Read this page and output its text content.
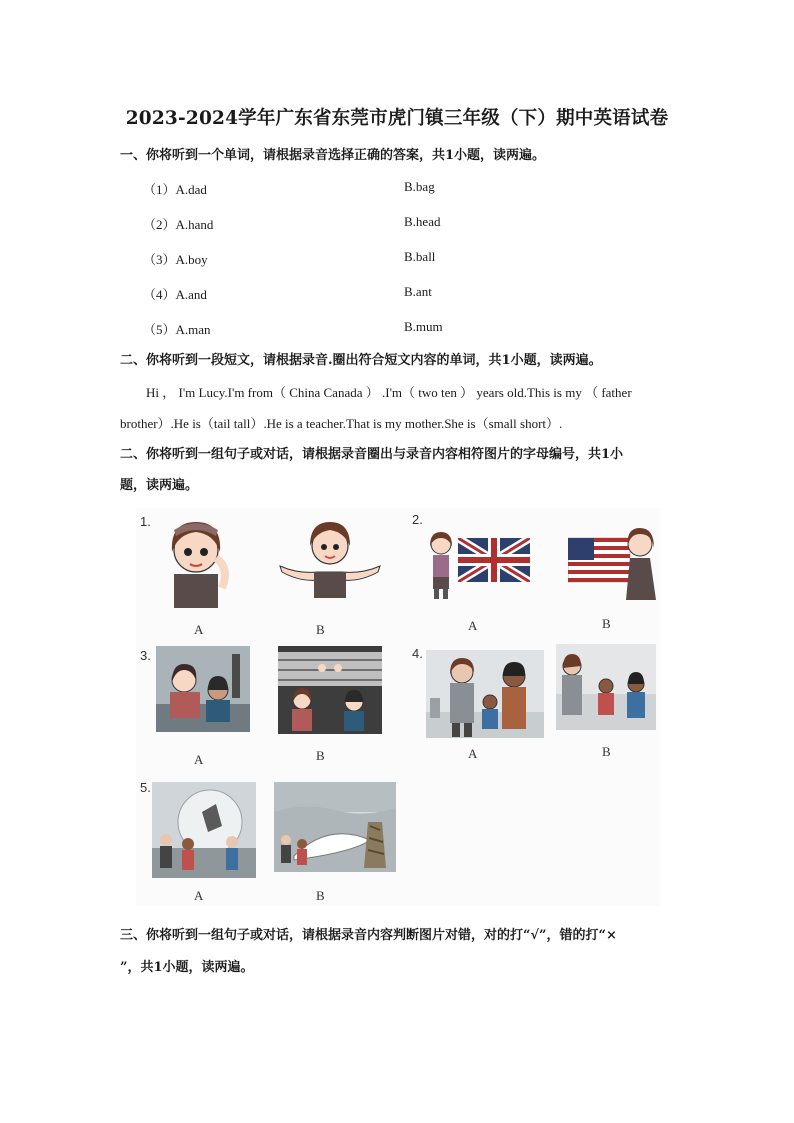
2023-2024学年广东省东莞市虎门镇三年级（下）期中英语试卷
一、你将听到一个单词，请根据录音选择正确的答案，共1小题，读两遍。
（1）A.dad	B.bag
（2）A.hand	B.head
（3）A.boy	B.ball
（4）A.and	B.ant
（5）A.man	B.mum
二、你将听到一段短文，请根据录音.圈出符合短文内容的单词，共1小题，读两遍。
Hi ， I'm Lucy.I'm from（ China Canada ） .I'm（ two ten ） years old.This is my （ father
brother）.He is（tail tall）.He is a teacher.That is my mother.She is（small short）.
二、你将听到一组句子或对话，请根据录音圈出与录音内容相符图片的字母编号，共1小
题，读两遍。
1.
A	B
2.
A	B
3.
A	B
4.
A	B
5.
A	B
三、你将听到一组句子或对话，请根据录音内容判断图片对错，对的打“√”，错的打“×
”，共1小题，读两遍。
